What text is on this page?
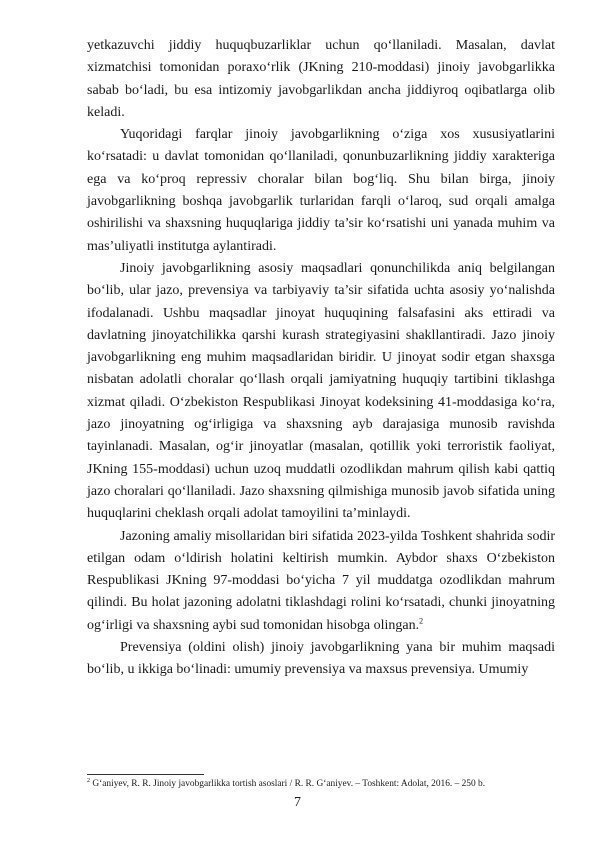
yetkazuvchi jiddiy huquqbuzarliklar uchun qo‘llaniladi. Masalan, davlat xizmatchisi tomonidan poraxo‘rlik (JKning 210-moddasi) jinoiy javobgarlikka sabab bo‘ladi, bu esa intizomiy javobgarlikdan ancha jiddiyroq oqibatlarga olib keladi.

Yuqoridagi farqlar jinoiy javobgarlikning o‘ziga xos xususiyatlarini ko‘rsatadi: u davlat tomonidan qo‘llaniladi, qonunbuzarlikning jiddiy xarakteriga ega va ko‘proq repressiv choralar bilan bog‘liq. Shu bilan birga, jinoiy javobgarlikning boshqa javobgarlik turlaridan farqli o‘laroq, sud orqali amalga oshirilishi va shaxsning huquqlariga jiddiy ta’sir ko‘rsatishi uni yanada muhim va mas’uliyatli institutga aylantiradi.

Jinoiy javobgarlikning asosiy maqsadlari qonunchilikda aniq belgilangan bo‘lib, ular jazo, prevensiya va tarbiyaviy ta’sir sifatida uchta asosiy yo‘nalishda ifodalanadi. Ushbu maqsadlar jinoyat huquqining falsafasini aks ettiradi va davlatning jinoyatchilikka qarshi kurash strategiyasini shakllantiradi. Jazo jinoiy javobgarlikning eng muhim maqsadlaridan biridir. U jinoyat sodir etgan shaxsga nisbatan adolatli choralar qo‘llash orqali jamiyatning huquqiy tartibini tiklashga xizmat qiladi. O‘zbekiston Respublikasi Jinoyat kodeksining 41-moddasiga ko‘ra, jazo jinoyatning og‘irligiga va shaxsning ayb darajasiga munosib ravishda tayinlanadi. Masalan, og‘ir jinoyatlar (masalan, qotillik yoki terroristik faoliyat, JKning 155-moddasi) uchun uzoq muddatli ozodlikdan mahrum qilish kabi qattiq jazo choralari qo‘llaniladi. Jazo shaxsning qilmishiga munosib javob sifatida uning huquqlarini cheklash orqali adolat tamoyilini ta’minlaydi.

Jazoning amaliy misollaridan biri sifatida 2023-yilda Toshkent shahrida sodir etilgan odam o‘ldirish holatini keltirish mumkin. Aybdor shaxs O‘zbekiston Respublikasi JKning 97-moddasi bo‘yicha 7 yil muddatga ozodlikdan mahrum qilindi. Bu holat jazoning adolatni tiklashdagi rolini ko‘rsatadi, chunki jinoyatning og‘irligi va shaxsning aybi sud tomonidan hisobga olingan.$^2$

Prevensiya (oldini olish) jinoiy javobgarlikning yana bir muhim maqsadi bo‘lib, u ikkiga bo‘linadi: umumiy prevensiya va maxsus prevensiya. Umumiy

$^2$ G‘aniyev, R. R. Jinoiy javobgarlikka tortish asoslari / R. R. G‘aniyev. – Toshkent: Adolat, 2016. – 250 b.
7
